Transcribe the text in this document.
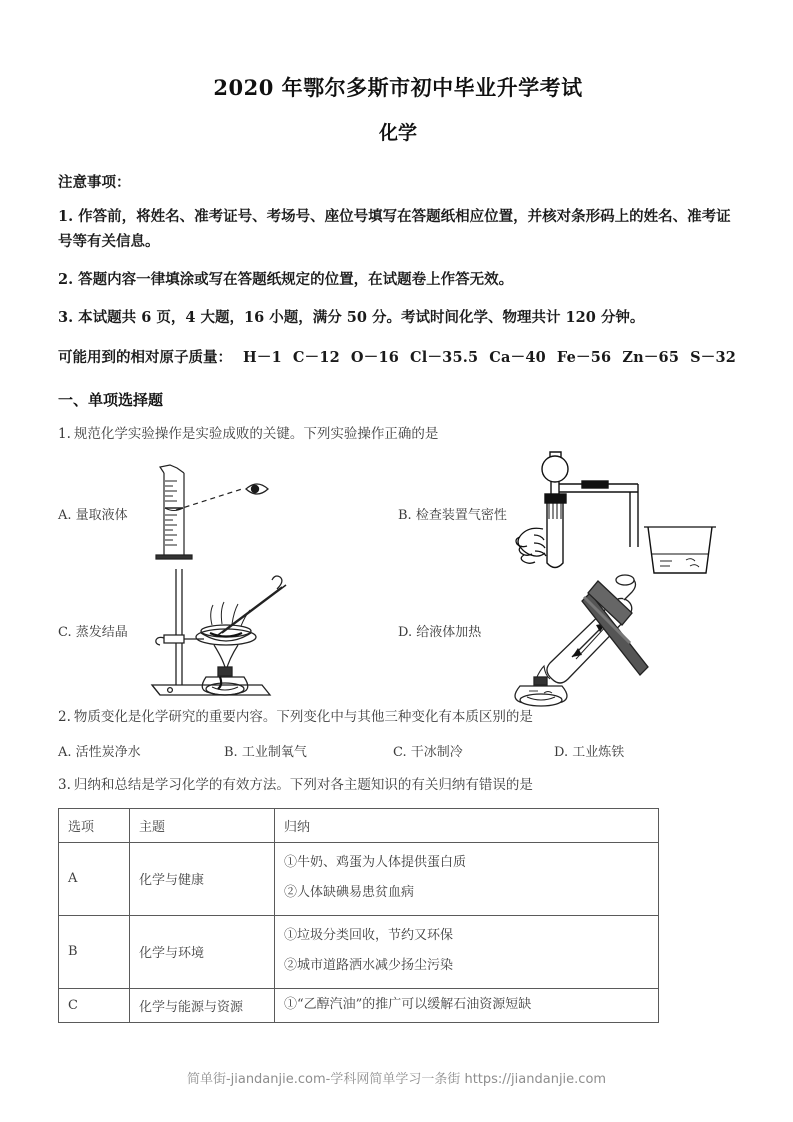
2020 年鄂尔多斯市初中毕业升学考试
化学
注意事项：
1. 作答前，将姓名、准考证号、考场号、座位号填写在答题纸相应位置，并核对条形码上的姓名、准考证号等有关信息。
2. 答题内容一律填涂或写在答题纸规定的位置，在试题卷上作答无效。
3. 本试题共 6 页，4 大题，16 小题，满分 50 分。考试时间化学、物理共计 120 分钟。
可能用到的相对原子质量： H－1 C－12 O－16 Cl－35.5 Ca－40 Fe－56 Zn－65 S－32
一、单项选择题
1. 规范化学实验操作是实验成败的关键。下列实验操作正确的是
A. 量取液体	B. 检查装置气密性
C. 蒸发结晶	D. 给液体加热
2. 物质变化是化学研究的重要内容。下列变化中与其他三种变化有本质区别的是
A. 活性炭净水	B. 工业制氧气	C. 干冰制冷	D. 工业炼铁
3. 归纳和总结是学习化学的有效方法。下列对各主题知识的有关归纳有错误的是
选项	主题	归纳
A	化学与健康	①牛奶、鸡蛋为人体提供蛋白质
②人体缺碘易患贫血病

B	化学与环境	①垃圾分类回收，节约又环保
②城市道路洒水减少扬尘污染

C	化学与能源与资源	①“乙醇汽油”的推广可以缓解石油资源短缺
简单街-jiandanjie.com-学科网简单学习一条街 https://jiandanjie.com
